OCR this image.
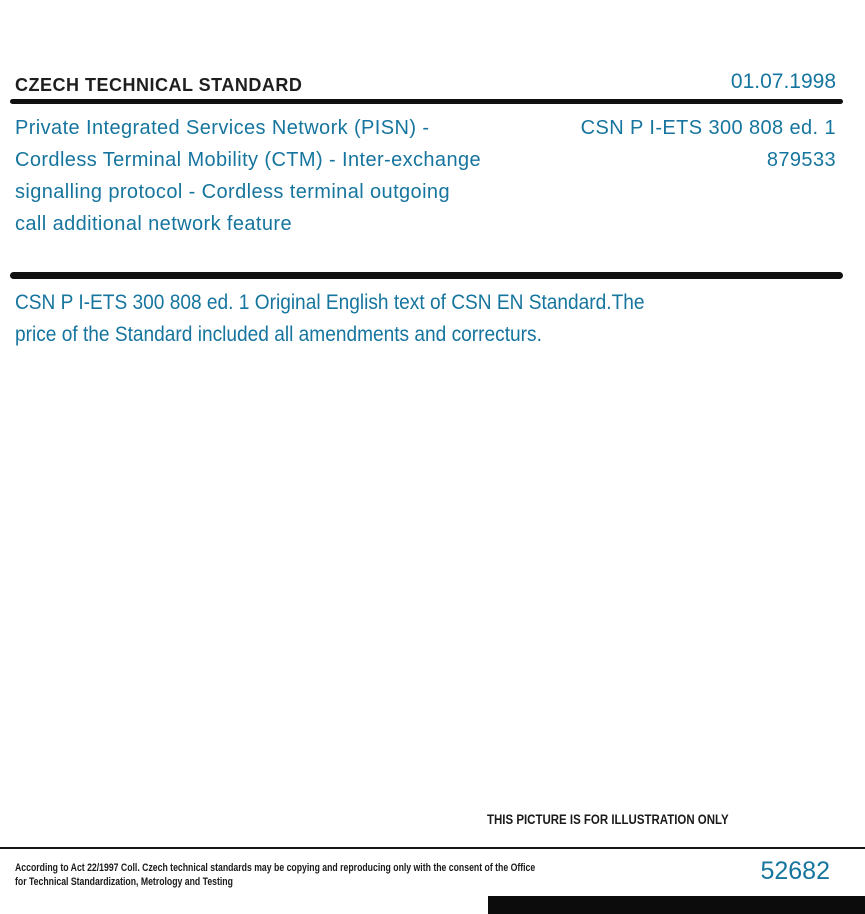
CZECH TECHNICAL STANDARD	01.07.1998
Private Integrated Services Network (PISN) -
Cordless Terminal Mobility (CTM) - Inter-exchange
signalling protocol - Cordless terminal outgoing
call additional network feature
CSN P I-ETS 300 808 ed. 1
879533
CSN P I-ETS 300 808 ed. 1 Original English text of CSN EN Standard.The
price of the Standard included all amendments and correcturs.
THIS PICTURE IS FOR ILLUSTRATION ONLY
According to Act 22/1997 Coll. Czech technical standards may be copying and reproducing only with the consent of the Office
for Technical Standardization, Metrology and Testing	52682
